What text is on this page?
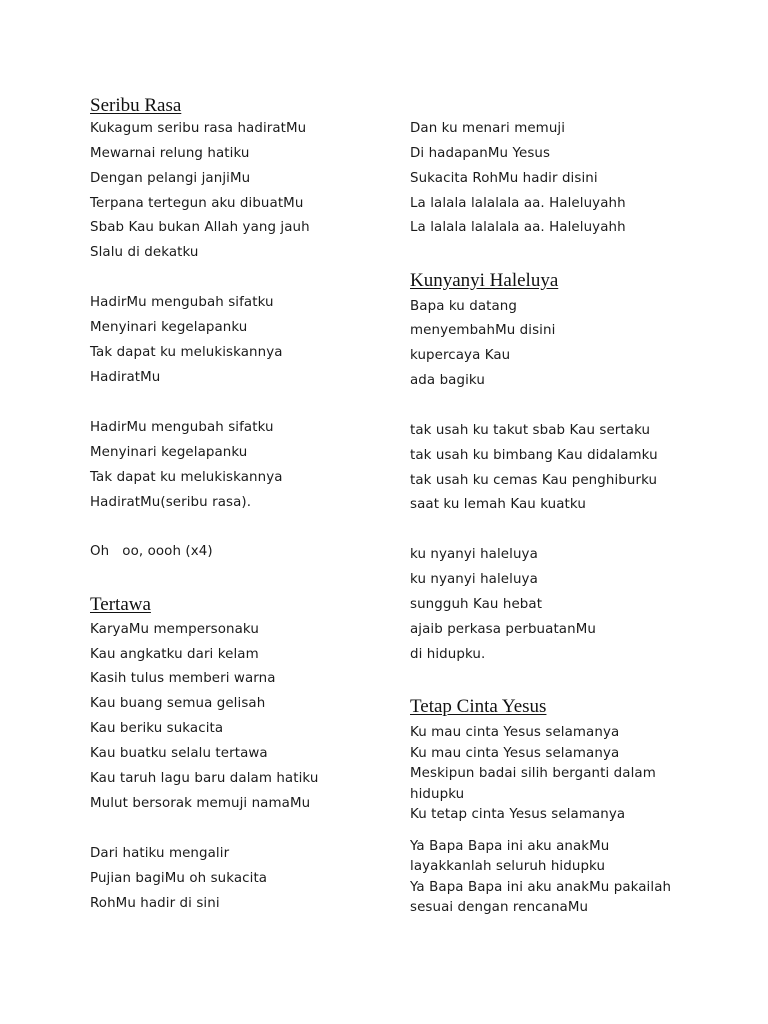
Seribu Rasa
Kukagum seribu rasa hadiratMu
Mewarnai relung hatiku
Dengan pelangi janjiMu
Terpana tertegun aku dibuatMu
Sbab Kau bukan Allah yang jauh
Slalu di dekatku
HadirMu mengubah sifatku
Menyinari kegelapanku
Tak dapat ku melukiskannya
HadiratMu
HadirMu mengubah sifatku
Menyinari kegelapanku
Tak dapat ku melukiskannya
HadiratMu(seribu rasa).
Oh   oo, oooh (x4)
Tertawa
KaryaMu mempersonaku
Kau angkatku dari kelam
Kasih tulus memberi warna
Kau buang semua gelisah
Kau beriku sukacita
Kau buatku selalu tertawa
Kau taruh lagu baru dalam hatiku
Mulut bersorak memuji namaMu
Dari hatiku mengalir
Pujian bagiMu oh sukacita
RohMu hadir di sini
Dan ku menari memuji
Di hadapanMu Yesus
Sukacita RohMu hadir disini
La lalala lalalala aa. Haleluyahh
La lalala lalalala aa. Haleluyahh
Kunyanyi Haleluya
Bapa ku datang
menyembahMu disini
kupercaya Kau
ada bagiku
tak usah ku takut sbab Kau sertaku
tak usah ku bimbang Kau didalamku
tak usah ku cemas Kau penghiburku
saat ku lemah Kau kuatku
ku nyanyi haleluya
ku nyanyi haleluya
sungguh Kau hebat
ajaib perkasa perbuatanMu
di hidupku.
Tetap Cinta Yesus
Ku mau cinta Yesus selamanya
Ku mau cinta Yesus selamanya
Meskipun badai silih berganti dalam
hidupku
Ku tetap cinta Yesus selamanya
Ya Bapa Bapa ini aku anakMu
layakkanlah seluruh hidupku
Ya Bapa Bapa ini aku anakMu pakailah
sesuai dengan rencanaMu
